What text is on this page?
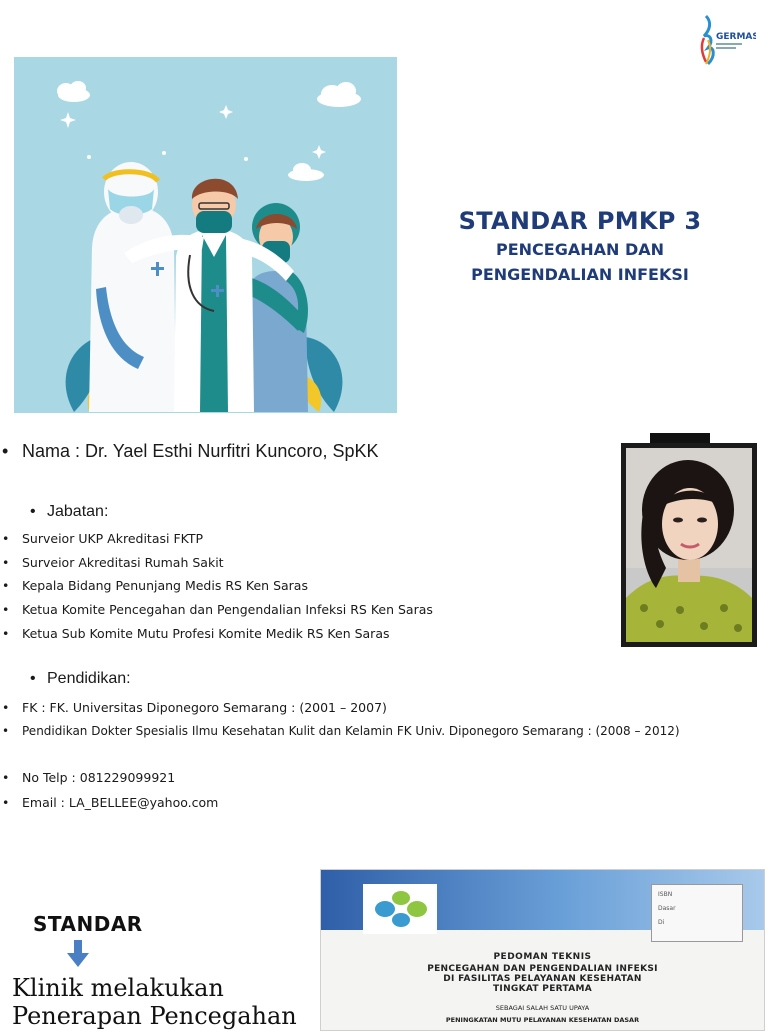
GERMAS
STANDAR PMKP 3
PENCEGAHAN DAN
PENGENDALIAN INFEKSI
• Nama : Dr. Yael Esthi Nurfitri Kuncoro, SpKK
• Jabatan:
• Surveior UKP Akreditasi FKTP
• Surveior Akreditasi Rumah Sakit
• Kepala Bidang Penunjang Medis RS Ken Saras
• Ketua Komite Pencegahan dan Pengendalian Infeksi RS Ken Saras
• Ketua Sub Komite Mutu Profesi Komite Medik RS Ken Saras
• Pendidikan:
• FK : FK. Universitas Diponegoro Semarang : (2001 – 2007)
• Pendidikan Dokter Spesialis Ilmu Kesehatan Kulit dan Kelamin FK Univ. Diponegoro Semarang : (2008 – 2012)
• No Telp : 081229099921
• Email : LA_BELLEE@yahoo.com
STANDAR
Klinik melakukan
Penerapan Pencegahan
ISBN
Dasar
Di
PEDOMAN TEKNIS
PENCEGAHAN DAN PENGENDALIAN INFEKSI
DI FASILITAS PELAYANAN KESEHATAN
TINGKAT PERTAMA
SEBAGAI SALAH SATU UPAYA
PENINGKATAN MUTU PELAYANAN KESEHATAN DASAR
